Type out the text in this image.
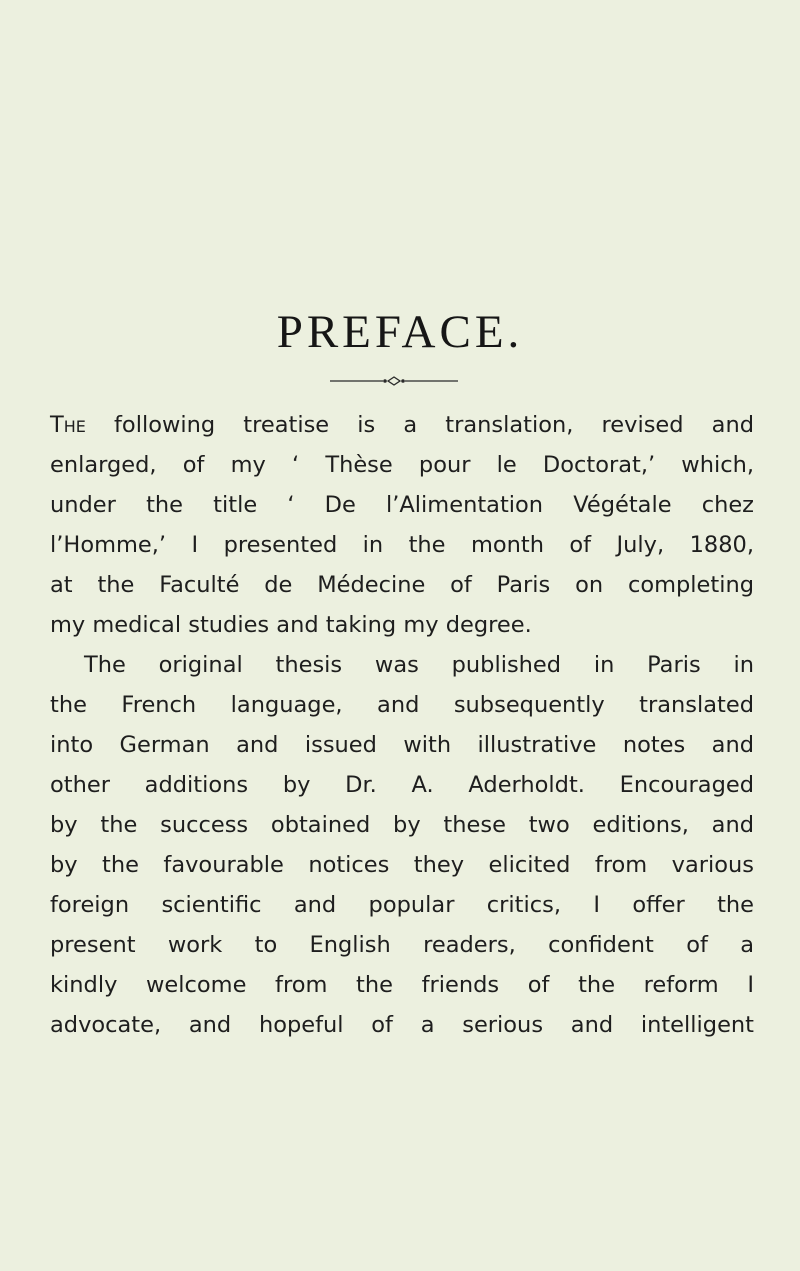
PREFACE.
The following treatise is a translation, revised and
enlarged, of my ‘ Thèse pour le Doctorat,’ which,
under the title ‘ De l’Alimentation Végétale chez
l’Homme,’ I presented in the month of July, 1880,
at the Faculté de Médecine of Paris on completing
my medical studies and taking my degree.
The original thesis was published in Paris in
the French language, and subsequently translated
into German and issued with illustrative notes and
other additions by Dr. A. Aderholdt. Encouraged
by the success obtained by these two editions, and
by the favourable notices they elicited from various
foreign scientific and popular critics, I offer the
present work to English readers, confident of a
kindly welcome from the friends of the reform I
advocate, and hopeful of a serious and intelligent
